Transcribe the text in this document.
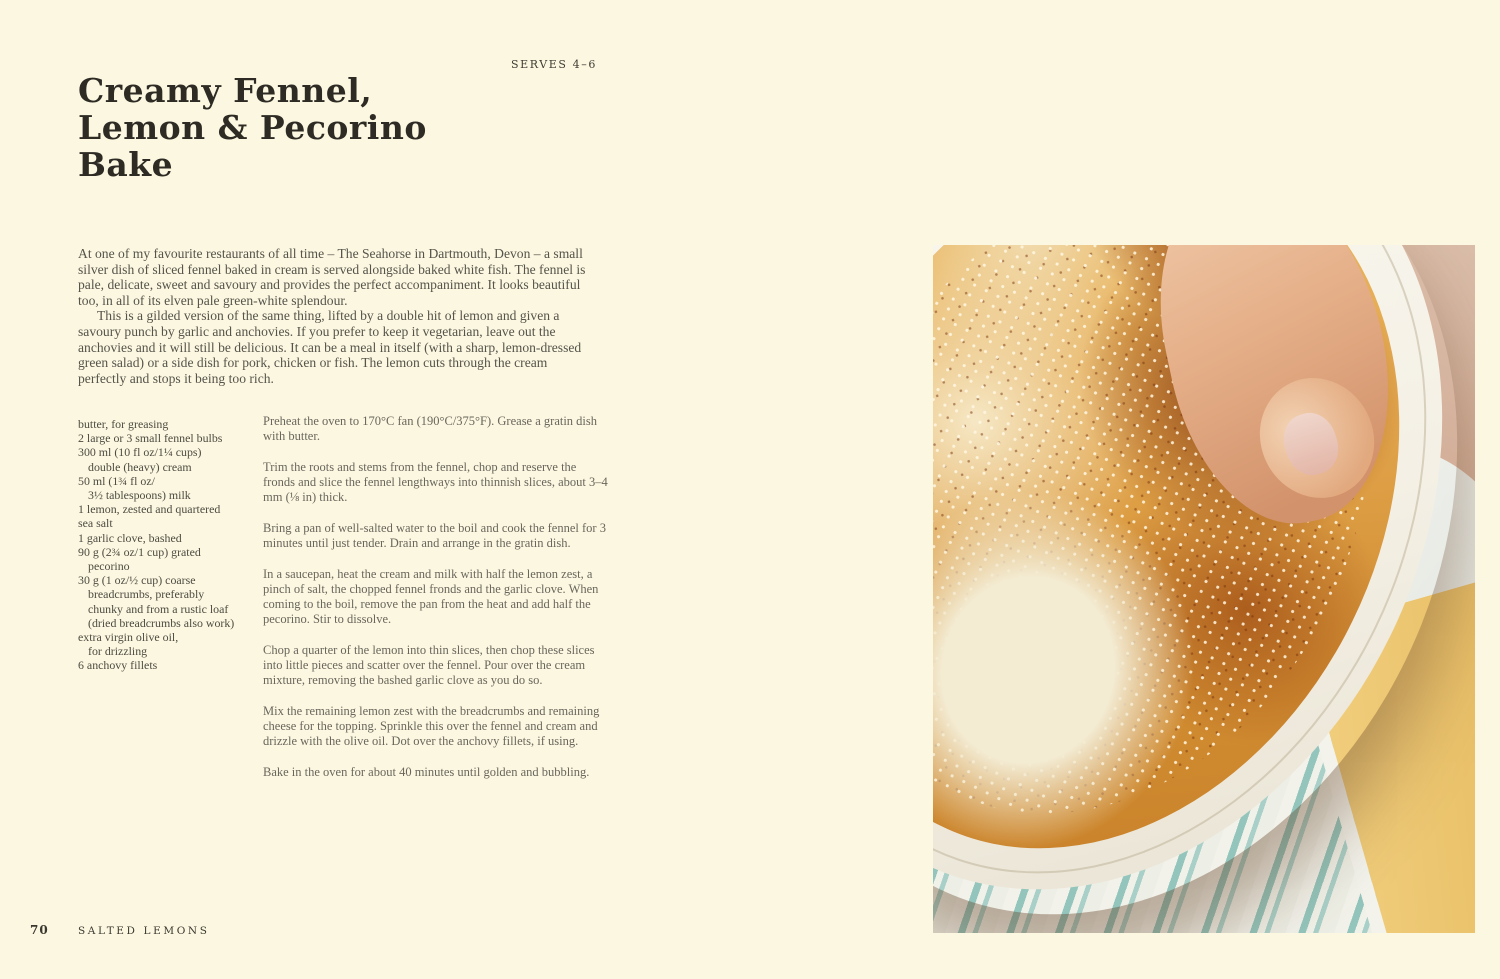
Creamy Fennel,
Lemon & Pecorino
Bake
SERVES 4–6

At one of my favourite restaurants of all time – The Seahorse in Dartmouth, Devon – a small silver dish of sliced fennel baked in cream is served alongside baked white fish. The fennel is pale, delicate, sweet and savoury and provides the perfect accompaniment. It looks beautiful too, in all of its elven pale green-white splendour.

This is a gilded version of the same thing, lifted by a double hit of lemon and given a savoury punch by garlic and anchovies. If you prefer to keep it vegetarian, leave out the anchovies and it will still be delicious. It can be a meal in itself (with a sharp, lemon-dressed green salad) or a side dish for pork, chicken or fish. The lemon cuts through the cream perfectly and stops it being too rich.

butter, for greasing
2 large or 3 small fennel bulbs
300 ml (10 fl oz/1¼ cups)
double (heavy) cream
50 ml (1¾ fl oz/
3½ tablespoons) milk
1 lemon, zested and quartered
sea salt
1 garlic clove, bashed
90 g (2¾ oz/1 cup) grated
pecorino
30 g (1 oz/½ cup) coarse
breadcrumbs, preferably
chunky and from a rustic loaf
(dried breadcrumbs also work)
extra virgin olive oil,
for drizzling
6 anchovy fillets

Preheat the oven to 170°C fan (190°C/375°F). Grease a gratin dish with butter.

Trim the roots and stems from the fennel, chop and reserve the fronds and slice the fennel lengthways into thinnish slices, about 3–4 mm (⅛ in) thick.

Bring a pan of well-salted water to the boil and cook the fennel for 3 minutes until just tender. Drain and arrange in the gratin dish.

In a saucepan, heat the cream and milk with half the lemon zest, a pinch of salt, the chopped fennel fronds and the garlic clove. When coming to the boil, remove the pan from the heat and add half the pecorino. Stir to dissolve.

Chop a quarter of the lemon into thin slices, then chop these slices into little pieces and scatter over the fennel. Pour over the cream mixture, removing the bashed garlic clove as you do so.

Mix the remaining lemon zest with the breadcrumbs and remaining cheese for the topping. Sprinkle this over the fennel and cream and drizzle with the olive oil. Dot over the anchovy fillets, if using.

Bake in the oven for about 40 minutes until golden and bubbling.

70	SALTED LEMONS
